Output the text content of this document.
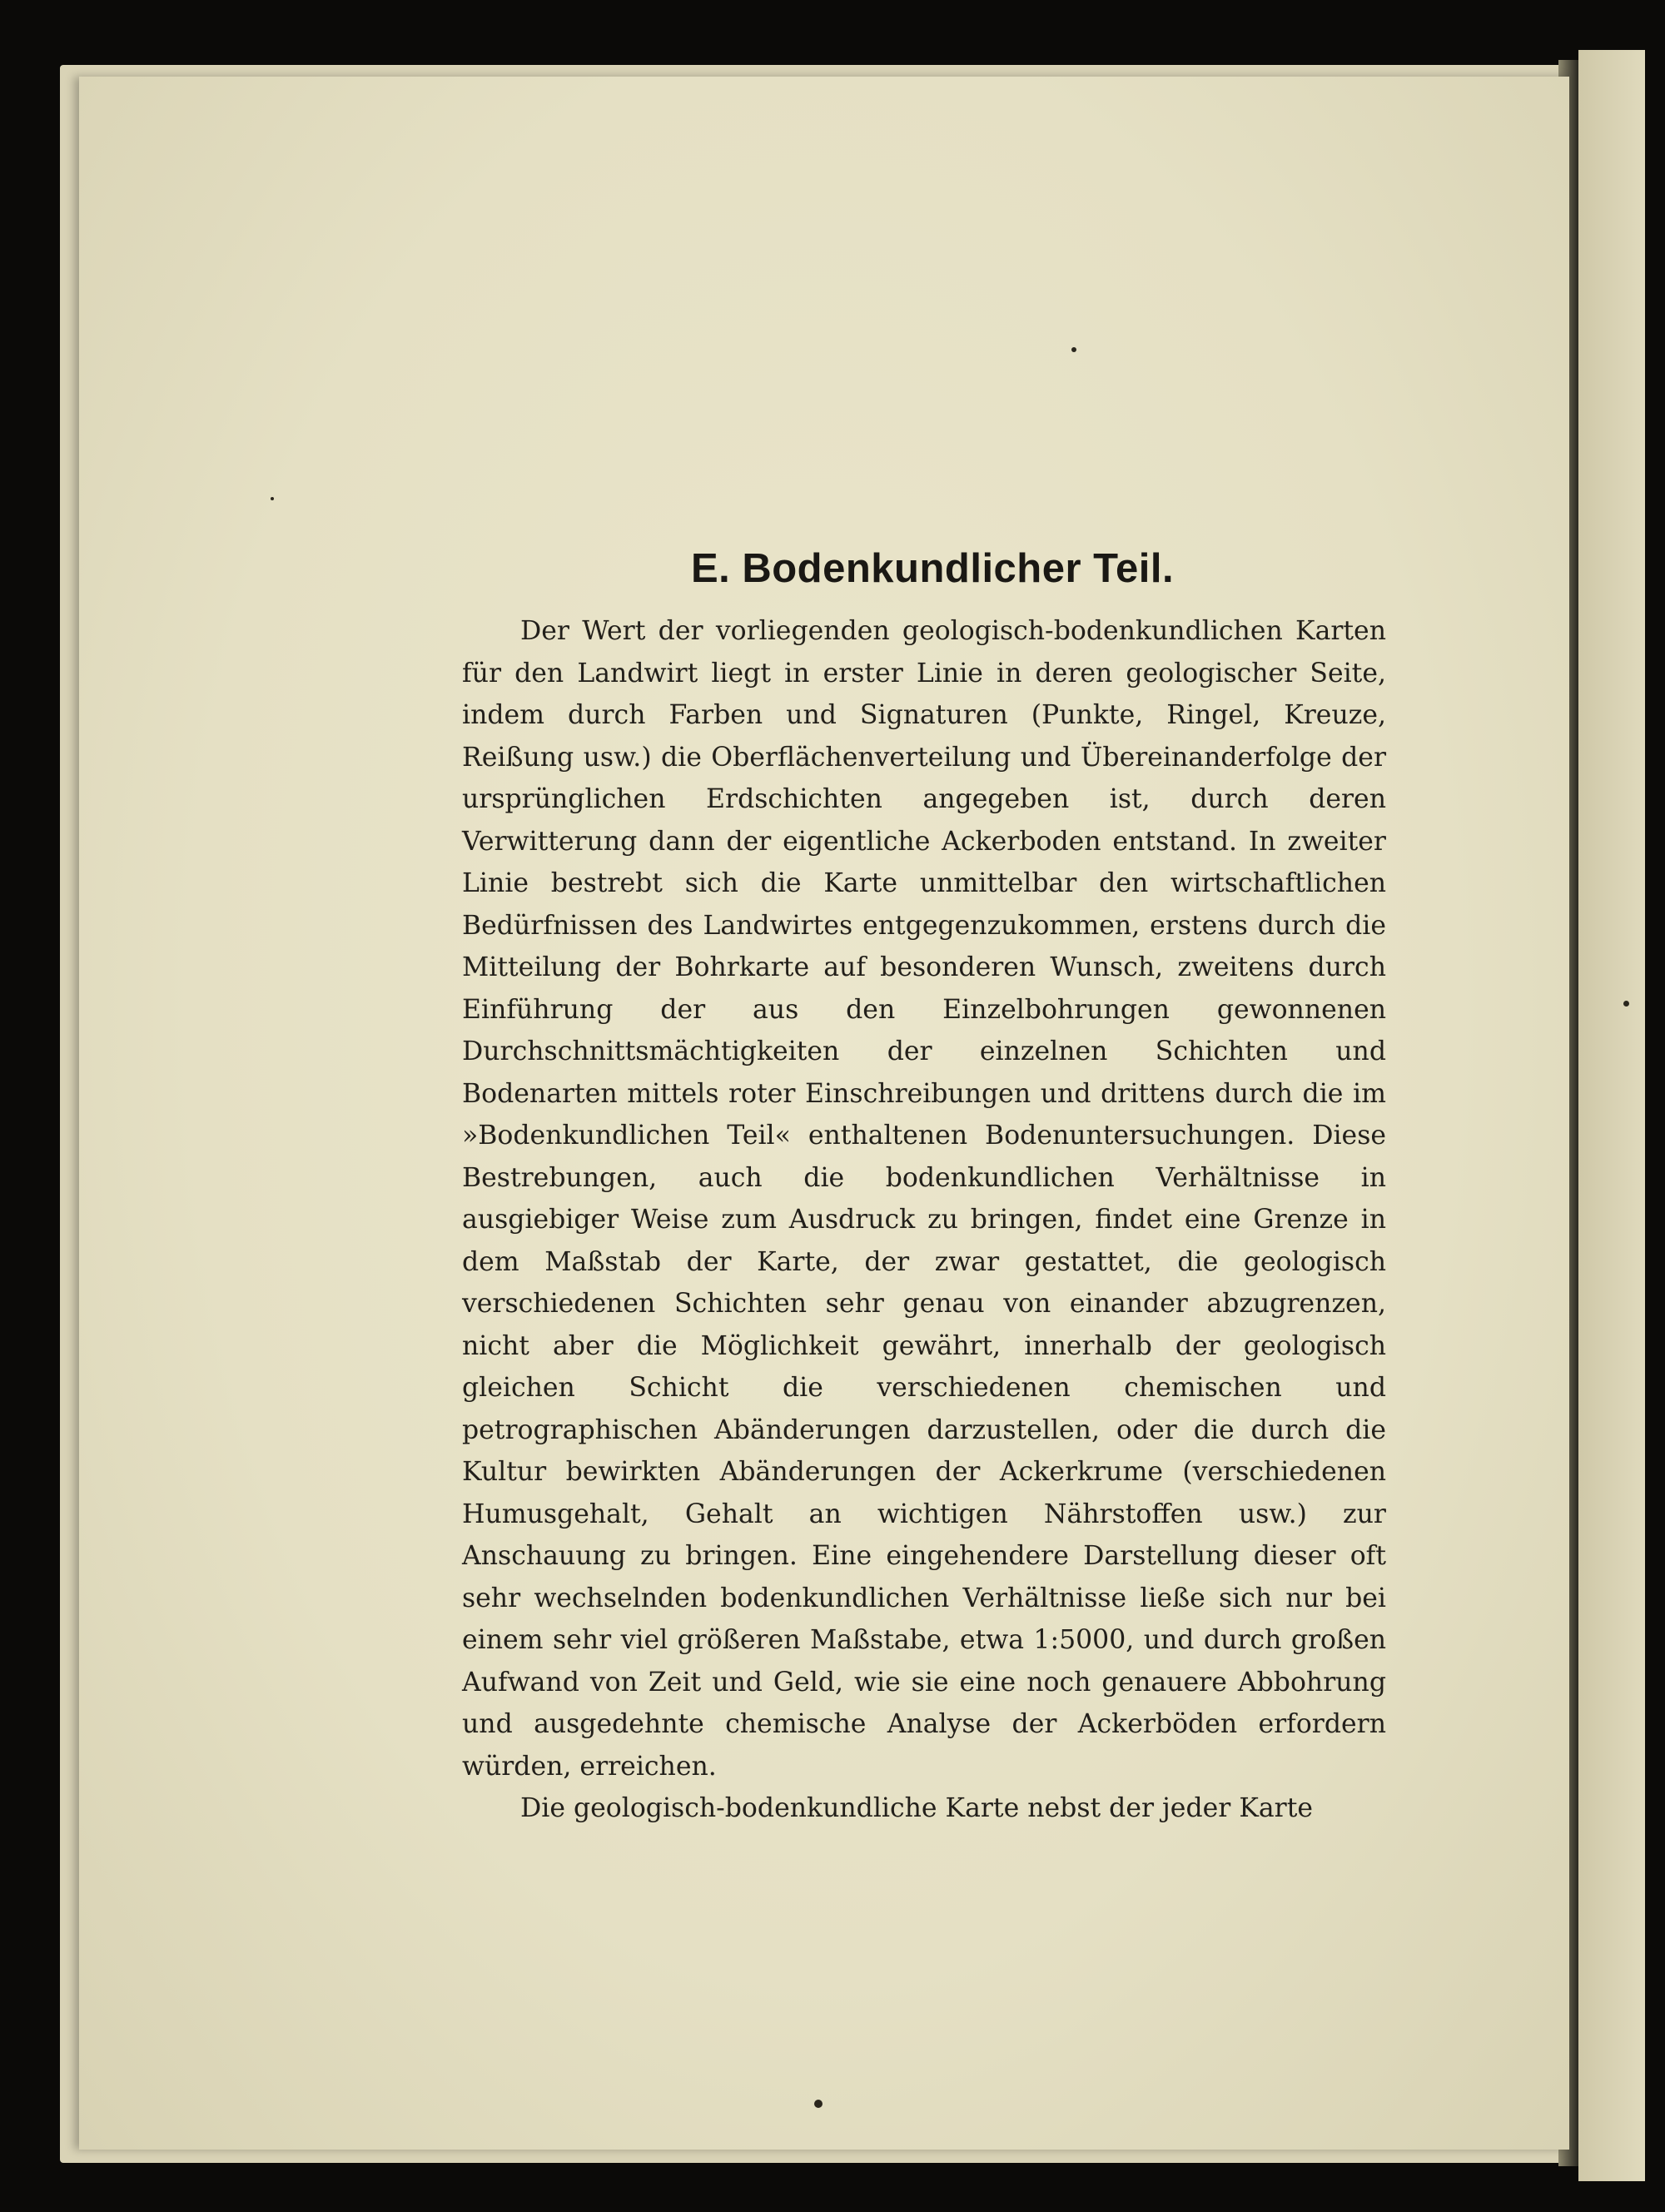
E. Bodenkundlicher Teil.

Der Wert der vorliegenden geologisch-bodenkundlichen Karten für den Landwirt liegt in erster Linie in deren geologischer Seite, indem durch Farben und Signaturen (Punkte, Ringel, Kreuze, Reißung usw.) die Oberflächenverteilung und Übereinanderfolge der ursprünglichen Erdschichten angegeben ist, durch deren Verwitterung dann der eigentliche Ackerboden entstand. In zweiter Linie bestrebt sich die Karte unmittelbar den wirtschaftlichen Bedürfnissen des Landwirtes entgegenzukommen, erstens durch die Mitteilung der Bohrkarte auf besonderen Wunsch, zweitens durch Einführung der aus den Einzelbohrungen gewonnenen Durchschnittsmächtigkeiten der einzelnen Schichten und Bodenarten mittels roter Einschreibungen und drittens durch die im »Bodenkundlichen Teil« enthaltenen Bodenuntersuchungen. Diese Bestrebungen, auch die bodenkundlichen Verhältnisse in ausgiebiger Weise zum Ausdruck zu bringen, findet eine Grenze in dem Maßstab der Karte, der zwar gestattet, die geologisch verschiedenen Schichten sehr genau von einander abzugrenzen, nicht aber die Möglichkeit gewährt, innerhalb der geologisch gleichen Schicht die verschiedenen chemischen und petrographischen Abänderungen darzustellen, oder die durch die Kultur bewirkten Abänderungen der Ackerkrume (verschiedenen Humusgehalt, Gehalt an wichtigen Nährstoffen usw.) zur Anschauung zu bringen. Eine eingehendere Darstellung dieser oft sehr wechselnden bodenkundlichen Verhältnisse ließe sich nur bei einem sehr viel größeren Maßstabe, etwa 1:5000, und durch großen Aufwand von Zeit und Geld, wie sie eine noch genauere Abbohrung und ausgedehnte chemische Analyse der Ackerböden erfordern würden, erreichen.

Die geologisch-bodenkundliche Karte nebst der jeder Karte
